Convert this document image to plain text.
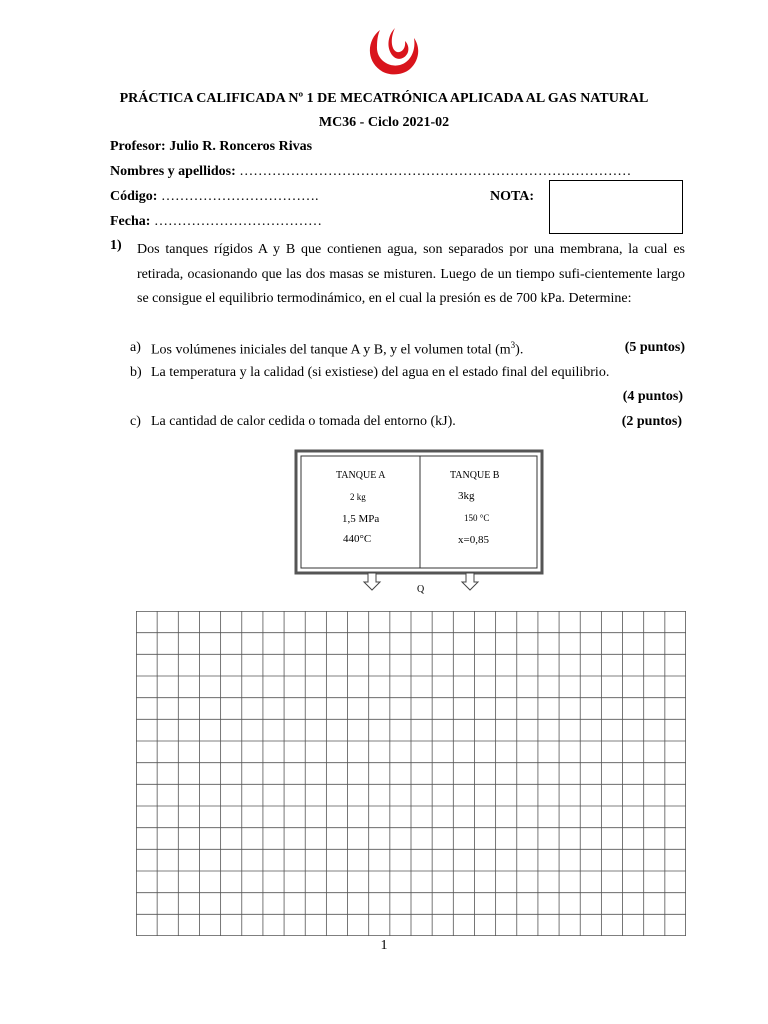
PRÁCTICA CALIFICADA Nº 1 DE MECATRÓNICA APLICADA AL GAS NATURAL
MC36 - Ciclo 2021-02
Profesor: Julio R. Ronceros Rivas
Nombres y apellidos: …………………………………………………………………………
Código: …………………………….	NOTA:
Fecha: ………………………………
1) Dos tanques rígidos A y B que contienen agua, son separados por una membrana, la cual es retirada, ocasionando que las dos masas se misturen. Luego de un tiempo sufi-cientemente largo se consigue el equilibrio termodinámico, en el cual la presión es de 700 kPa. Determine:
a) Los volúmenes iniciales del tanque A y B, y el volumen total $(m^3)$.	(5 puntos)
b) La temperatura y la calidad (si existiese) del agua en el estado final del equilibrio.
(4 puntos)
c) La cantidad de calor cedida o tomada del entorno (kJ).	(2 puntos)
TANQUE A
2 kg
1,5 MPa
440°C
TANQUE B
3kg
150 °C
x=0,85
Q
1
